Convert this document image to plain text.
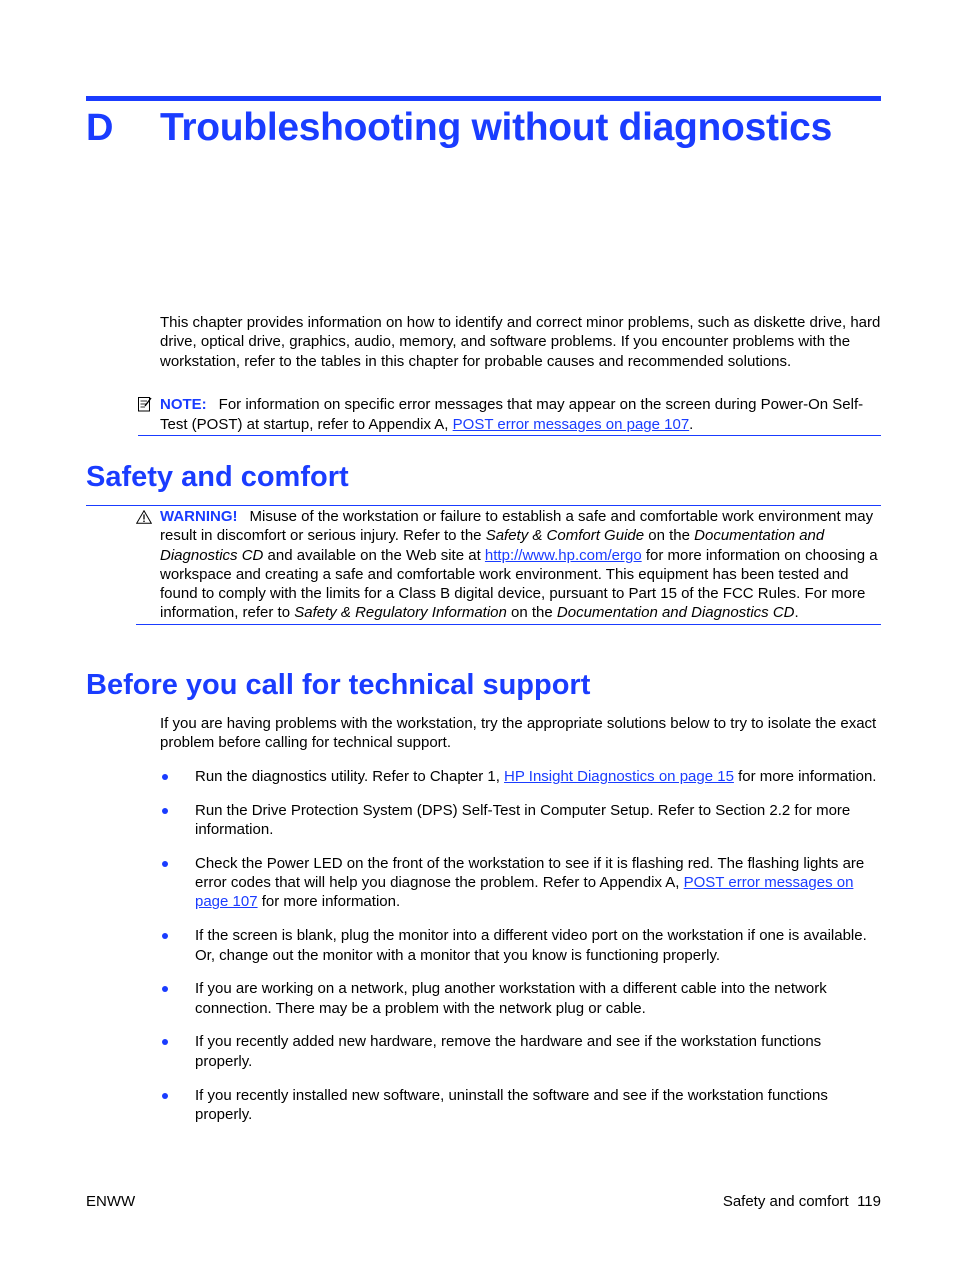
D Troubleshooting without diagnostics

This chapter provides information on how to identify and correct minor problems, such as diskette drive, hard drive, optical drive, graphics, audio, memory, and software problems. If you encounter problems with the workstation, refer to the tables in this chapter for probable causes and recommended solutions.

NOTE: For information on specific error messages that may appear on the screen during Power-On Self-Test (POST) at startup, refer to Appendix A, POST error messages on page 107.
Safety and comfort
WARNING! Misuse of the workstation or failure to establish a safe and comfortable work environment may result in discomfort or serious injury. Refer to the Safety & Comfort Guide on the Documentation and Diagnostics CD and available on the Web site at http://www.hp.com/ergo for more information on choosing a workspace and creating a safe and comfortable work environment. This equipment has been tested and found to comply with the limits for a Class B digital device, pursuant to Part 15 of the FCC Rules. For more information, refer to Safety & Regulatory Information on the Documentation and Diagnostics CD.
Before you call for technical support

If you are having problems with the workstation, try the appropriate solutions below to try to isolate the exact problem before calling for technical support.

Run the diagnostics utility. Refer to Chapter 1, HP Insight Diagnostics on page 15 for more information.
Run the Drive Protection System (DPS) Self-Test in Computer Setup. Refer to Section 2.2 for more information.
Check the Power LED on the front of the workstation to see if it is flashing red. The flashing lights are error codes that will help you diagnose the problem. Refer to Appendix A, POST error messages on page 107 for more information.
If the screen is blank, plug the monitor into a different video port on the workstation if one is available. Or, change out the monitor with a monitor that you know is functioning properly.
If you are working on a network, plug another workstation with a different cable into the network connection. There may be a problem with the network plug or cable.
If you recently added new hardware, remove the hardware and see if the workstation functions properly.
If you recently installed new software, uninstall the software and see if the workstation functions properly.
ENWW	Safety and comfort 119
